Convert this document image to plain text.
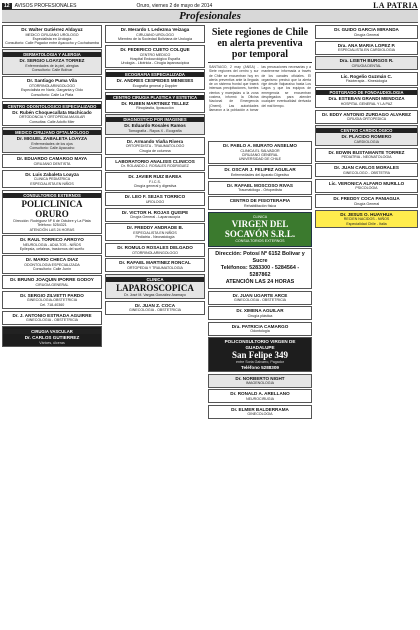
12	AVISOS PROFESIONALES	Oruro, viernes 2 de mayo de 2014	LA PATRIA
Profesionales
Dr. Walter Gutiérrez Aldayuz
MEDICO CIRUJANO UROLOGO
Especialista en Urología
Consultorio: Calle Pagador entre Ayacucho y Cochabamba
DERMATOLOGIA Y ALERGIA
Dr. SERGIO LOAYZA TORREZ
Enfermedades de la piel, alergias
Consultorio: Calle Bolívar
Dr. Santiago Puma Vila
OTORRINOLARINGOLOGO
Especialista en Nariz, Garganta y Oído
Consultorio: Calle La Plata
CENTRO ODONTOLOGICO ESPECIALIZADO
Dr. Rubén Choquecallata Machicado
ORTODONCIA Y ORTOPEDIA MAXILAR
Consultas: Calle Adolfo Mier
MEDICO CIRUJANO OFTALMOLOGO
Dr. MIGUEL ZABALETA LOAYZA
Enfermedades de los ojos
Consultorio: Calle Ayacucho
Dr. EDUARDO CAMARGO MAYA
CIRUJANO DENTISTA
Dr. Luis Zabaleta Loayza
CLINICA PEDIATRICA
ESPECIALISTA EN NIÑOS
CONSULTORIOS EXTERNOS
POLICLINICA ORURO
Dirección: Rodríguez Nº 6 de Octubre y La Plata
Teléfono: 5254321
ATENCIÓN LAS 24 HORAS
Dr. RAUL TORRICO ARROYO
NEUROLOGIA - ADULTOS - NIÑOS
Epilepsia, cefaleas, trastornos del sueño
Dr. MARIO CHECA DIAZ
ODONTOLOGIA ESPECIALIZADA
Consultorio: Calle Junín
Dr. BRUNO JOAQUIN IPORRE GODOY
CIRUGIA GENERAL
Dr. SERGIO ZILVETTI PARDO
GINECOLOGIA-OBSTETRICIA
Cel. 718-40360
Dr. J. ANTONIO ESTRADA AGUIRRE
GINECOLOGIA - OBSTETRICIA
CIRUGIA VASCULAR
Dr. CARLOS GUTIERREZ
Várices, úlceras
Dr. Merardo I. Ledezma Veizaga
CIRUJANO UROLOGO
Miembro de la Sociedad Boliviana de Urología
Dr. FEDERICO CUETO COLQUE
CENTRO MEDICO
Hospital Endourológico España
Urología - Litotricia - Cirugía laparoscópica
ECOGRAFIA ESPECIALIZADA
Dr. ANDRES CESPEDES MENESES
Ecografía general y Doppler
CENTRO CIRUGIA PLASTICA Y ESTETICA
Dr. RUBEN MARTINEZ TELLEZ
Rinoplastia, liposucción
DIAGNOSTICO POR IMAGENES
Dr. Eduardo Rosales Ramos
Tomografía - Rayos X - Ecografía
Dr. Armando Viaña Rivera
ORTOPEDISTA - TRAUMATOLOGO
Cirugía de columna
LABORATORIO ANALISIS CLINICOS
Dr. ROLANDO J. ROSALES RODRIGUEZ
Dr. JAVIER RUIZ BAREA
F.I.C.S.
Cirugía general y digestiva
Dr. LEO F. SEJAS TORRICO
UROLOGO
Dr. VICTOR H. ROJAS QUISPE
Cirugía General - Laparoscopía
Dr. FREDDY ANDRADE B.
ESPECIALISTA EN NIÑOS
Pediatría - Neonatología
Dr. ROMULO ROSALES DELGADO
OTORRINOLARINGOLOGO
Dr. RAFAEL MARTINEZ RONCAL
ORTOPEDIA Y TRAUMATOLOGIA
CLINICA
LAPAROSCOPICA
Dr. José M. Vargas González Aramayo
Dr. JUAN Z. COCA
GINECOLOGIA - OBSTETRICIA
Siete regiones de Chile en alerta preventiva por temporal
SANTIAGO, 2 may (ANSA) - Siete regiones del centro y sur de Chile se encuentran hoy en alerta preventiva ante la llegada de un sistema frontal que traerá intensas precipitaciones, fuertes vientos y marejadas a la zona costera, informó la Oficina Nacional de Emergencia (Onemi). Las autoridades llamaron a la población a tomar las precauciones necesarias y a mantenerse informada a través de los canales oficiales. El organismo precisó que la alerta rige desde Valparaíso hasta Los Lagos y que los equipos de emergencia se encuentran desplegados para atender cualquier eventualidad derivada del mal tiempo.
Dr. PABLO A. MURATO ANSELMO
CLINICA EL SALVADOR
CIRUJANO GENERAL
UNIVERSIDAD DE CHILE
Dr. OSCAR J. FELIPEZ AGUILAR
Enfermedades del Aparato Digestivo
Dr. RAFAEL MOSCOSO RIVAS
Traumatólogo - Ortopedista
CENTRO DE FISIOTERAPIA
Rehabilitación física
CLINICA
VIRGEN DEL SOCAVÓN S.R.L.
CONSULTORIOS EXTERNOS
Dirección: Potosí Nº 6152 Bolívar y Sucre
Teléfonos: 5283300 - 5284564 - 5287862
ATENCIÓN LAS 24 HORAS
Dr. JUAN UGARTE ARCE
GINECOLOGIA - OBSTETRICIA
Dr. XIMENA AGUILAR
Cirugía plástica
Dra. PATRICIA CAMARGO
Odontología
POLICONSULTORIO VIRGEN DE GUADALUPE
San Felipe 349
entre Soria Galvarro, Pagador
Teléfono 5288309
Dr. NORBERTO NIGHT
IMAGENOLOGIA
Dr. RONALD A. ARELLANO
NEUROCIRUGIA
Dr. ELMER BALDERRAMA
GINECOLOGIA
Dr. GUIDO GARCIA MIRANDA
Cirugía General
Dra. ANA MARIA LOPEZ P.
ESPECIALISTA EN CARDIOLOGIA
Dra. LISETH BURGOS R.
CIRUGIA DENTAL
Lic. Rogelio Guzmán C.
Fisioterapia - Kinesiología
POSTGRADO DE FONOAUDIOLOGIA
Dra. ESTEBAN GRANDI MENDOZA
HOSPITAL GENERAL Y LA PAZ
Dr. EDDY ANTONIO ZURDAGO ALVAREZ
CIRUGIA ORTOPEDICA
CENTRO CARDIOLOGICO
Dr. PLACIDO ROMERO
CARDIOLOGIA
Dr. EDWIN BUSTAMANTE TORREZ
PEDIATRIA - NEONATOLOGIA
Dr. JUAN CARLOS MORALES
GINECOLOGO - OBSTETRA
Lic. VERONICA ALFARO MURILLO
PSICOLOGIA
Dr. FREDDY COCA PANIAGUA
Cirugía General
Dr. JESUS O. HUAYHUA
RECIEN NACIDOS - NIÑOS
Especialidad Chile - Italia
